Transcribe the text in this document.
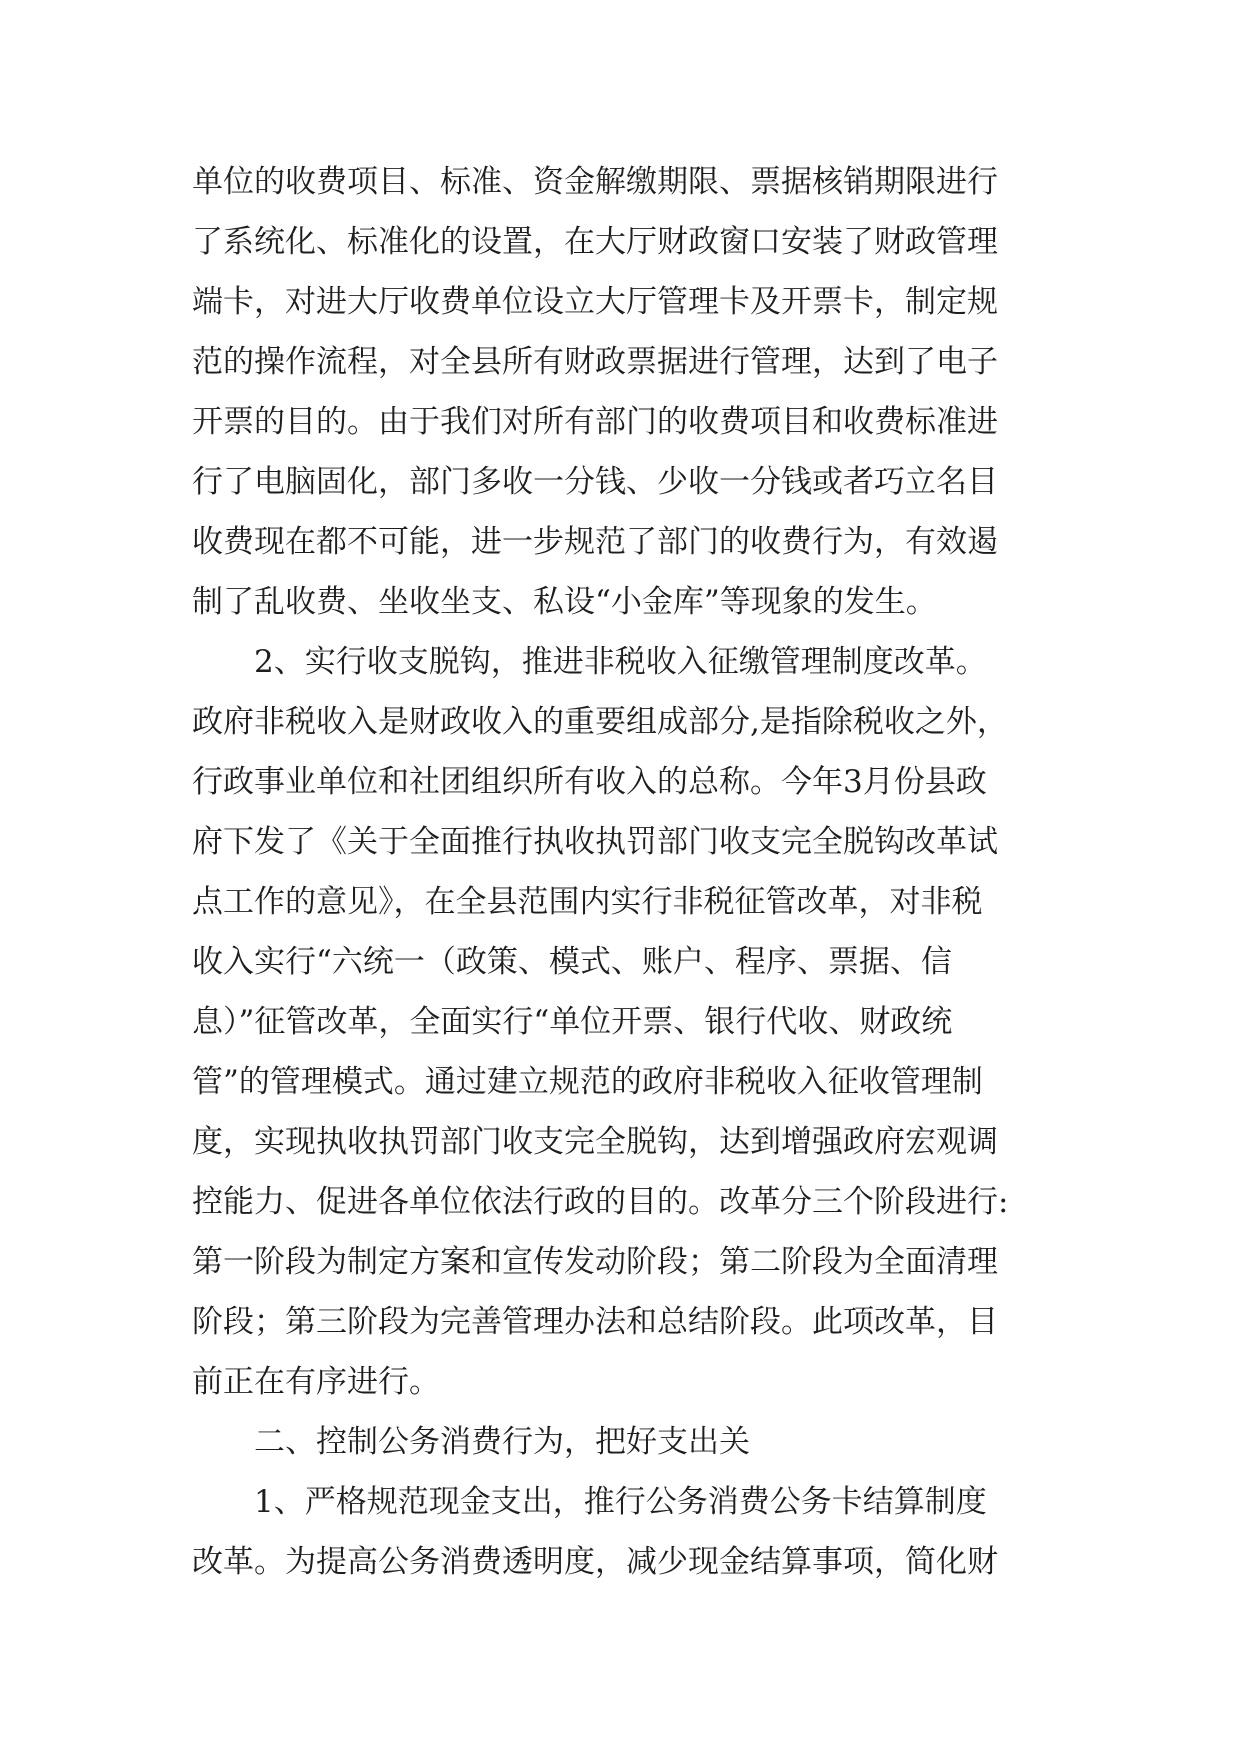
单位的收费项目、标准、资金解缴期限、票据核销期限进行
了系统化、标准化的设置，在大厅财政窗口安装了财政管理
端卡，对进大厅收费单位设立大厅管理卡及开票卡，制定规
范的操作流程，对全县所有财政票据进行管理，达到了电子
开票的目的。由于我们对所有部门的收费项目和收费标准进
行了电脑固化，部门多收一分钱、少收一分钱或者巧立名目
收费现在都不可能，进一步规范了部门的收费行为，有效遏
制了乱收费、坐收坐支、私设“小金库”等现象的发生。
2、实行收支脱钩，推进非税收入征缴管理制度改革。
政府非税收入是财政收入的重要组成部分,是指除税收之外，
行政事业单位和社团组织所有收入的总称。今年3月份县政
府下发了《关于全面推行执收执罚部门收支完全脱钩改革试
点工作的意见》，在全县范围内实行非税征管改革，对非税
收入实行“六统一（政策、模式、账户、程序、票据、信
息）”征管改革，全面实行“单位开票、银行代收、财政统
管”的管理模式。通过建立规范的政府非税收入征收管理制
度，实现执收执罚部门收支完全脱钩，达到增强政府宏观调
控能力、促进各单位依法行政的目的。改革分三个阶段进行:
第一阶段为制定方案和宣传发动阶段；第二阶段为全面清理
阶段；第三阶段为完善管理办法和总结阶段。此项改革，目
前正在有序进行。
二、控制公务消费行为，把好支出关
1、严格规范现金支出，推行公务消费公务卡结算制度
改革。为提高公务消费透明度，减少现金结算事项，简化财
